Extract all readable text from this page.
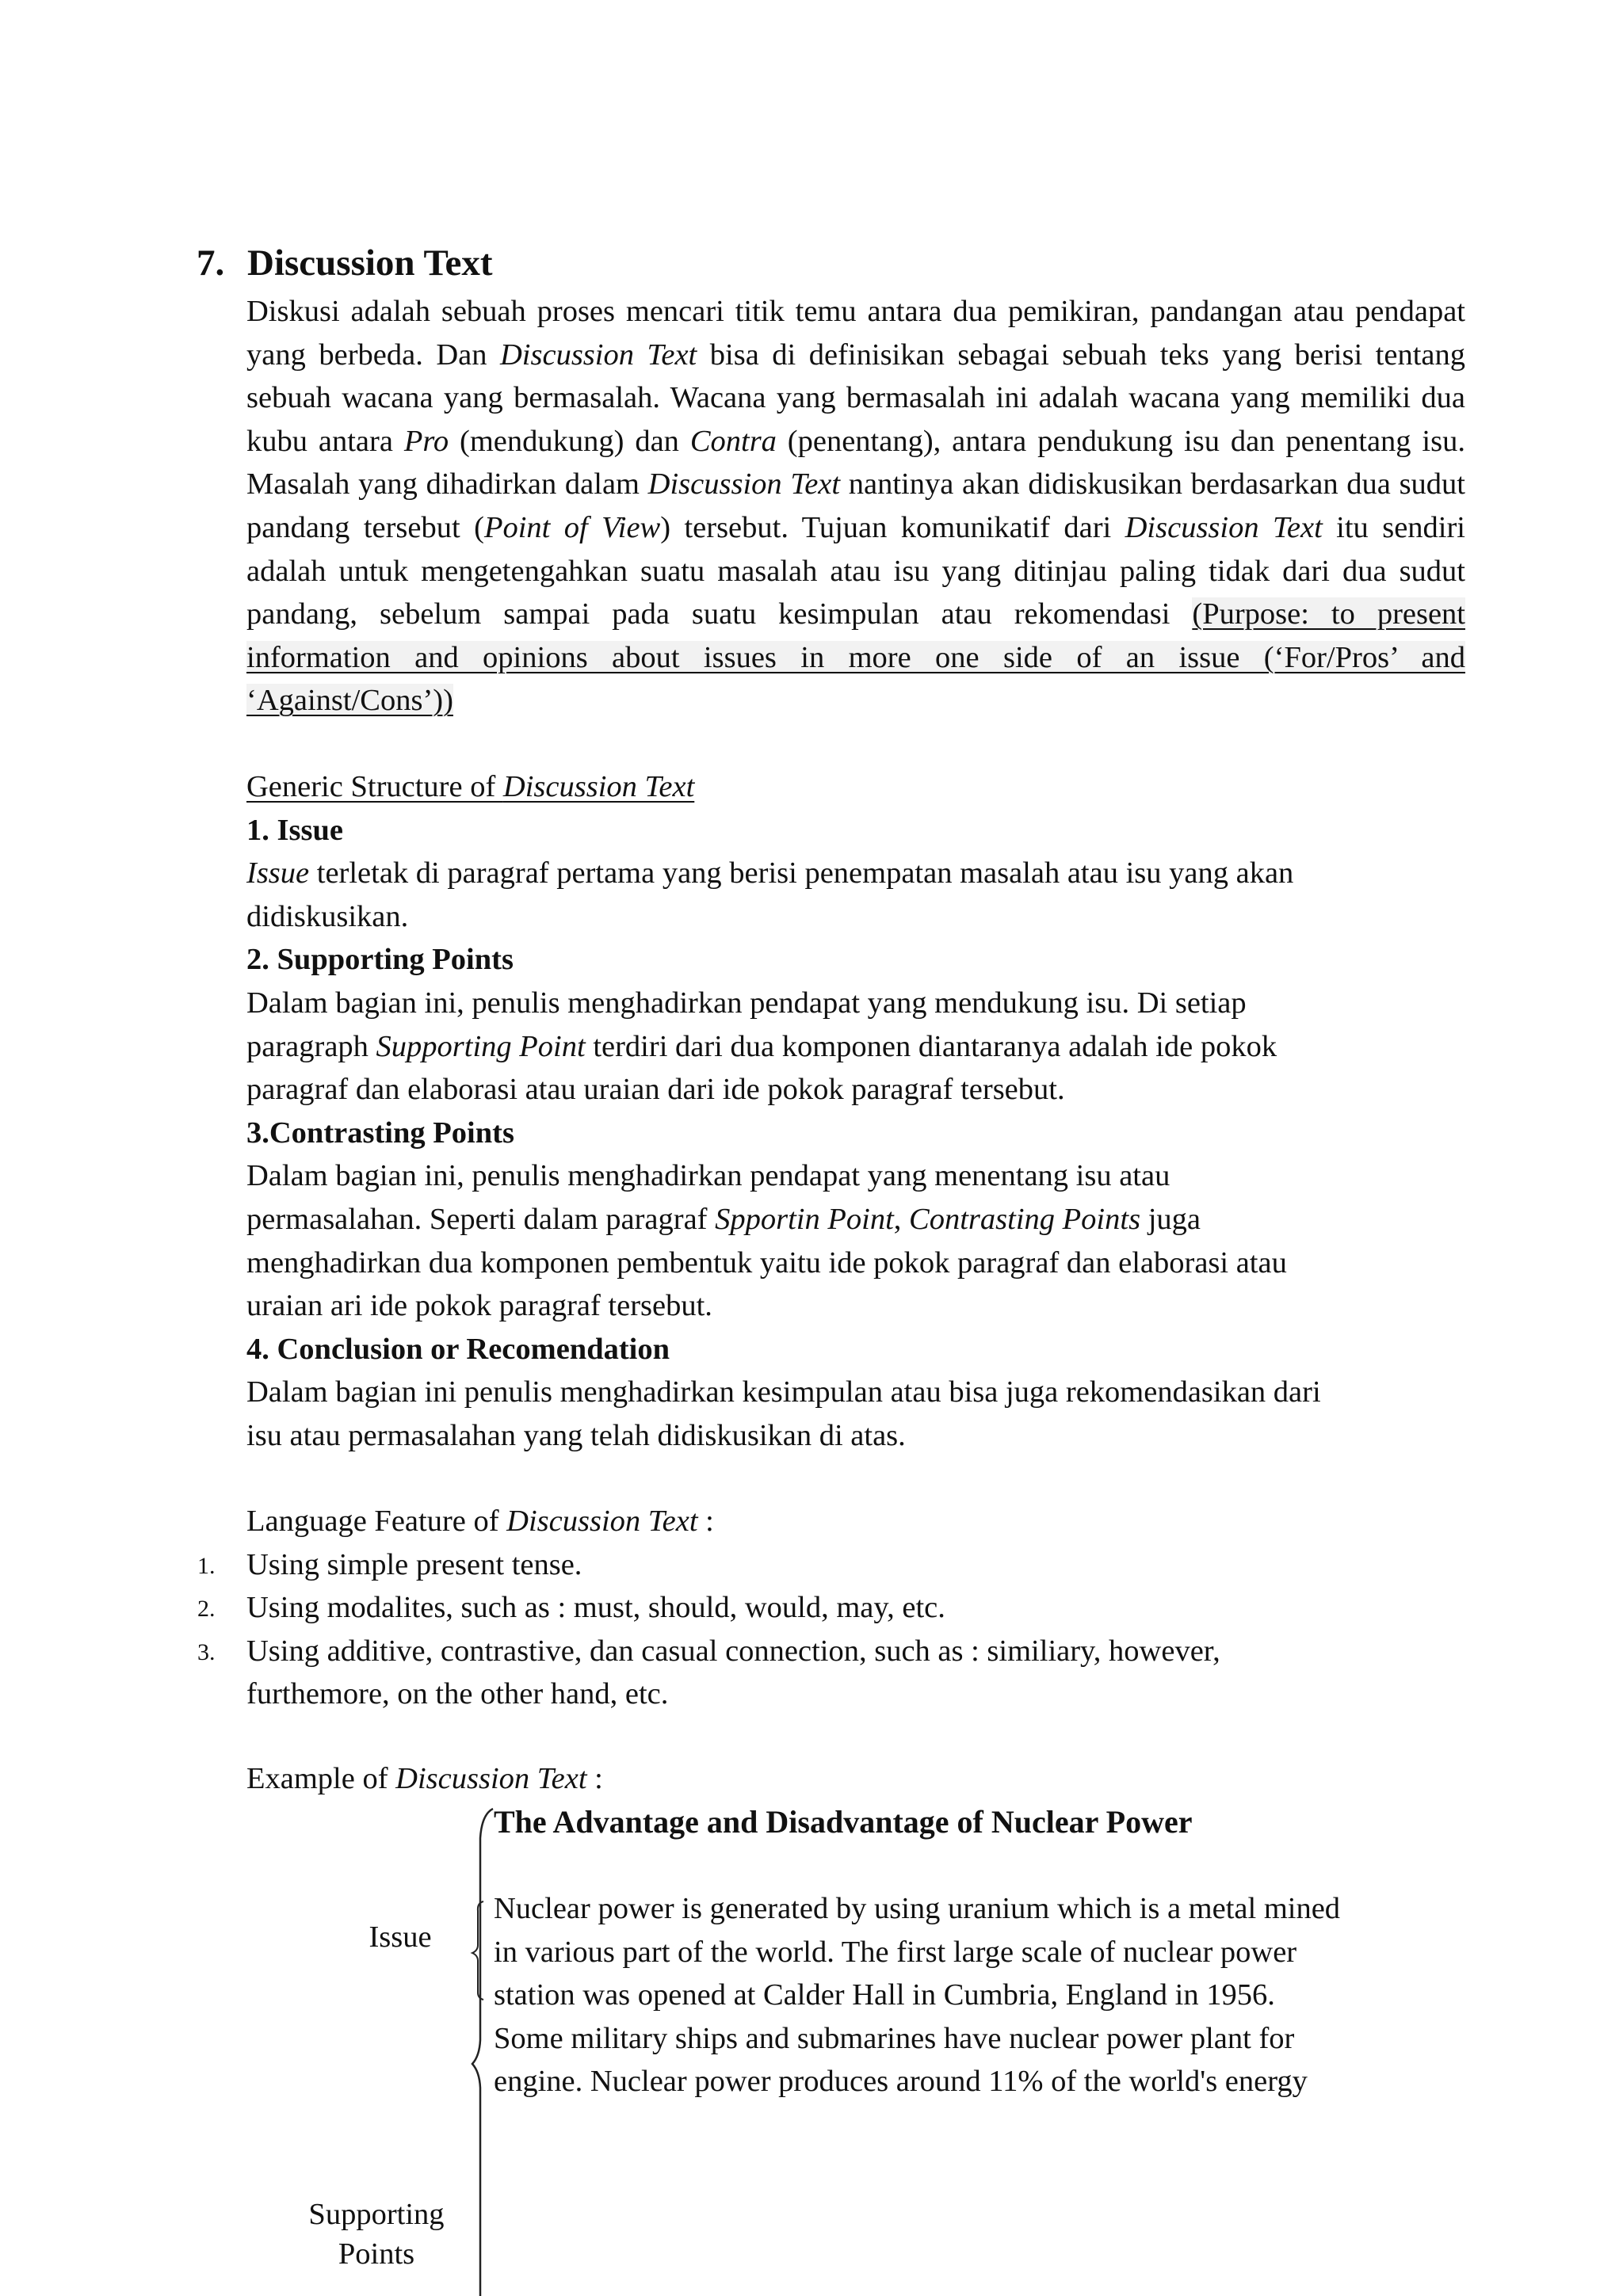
7. Discussion Text

Diskusi adalah sebuah proses mencari titik temu antara dua pemikiran, pandangan atau pendapat yang berbeda. Dan Discussion Text bisa di definisikan sebagai sebuah teks yang berisi tentang sebuah wacana yang bermasalah. Wacana yang bermasalah ini adalah wacana yang memiliki dua kubu antara Pro (mendukung) dan Contra (penentang), antara pendukung isu dan penentang isu. Masalah yang dihadirkan dalam Discussion Text nantinya akan didiskusikan berdasarkan dua sudut pandang tersebut (Point of View) tersebut. Tujuan komunikatif dari Discussion Text itu sendiri adalah untuk mengetengahkan suatu masalah atau isu yang ditinjau paling tidak dari dua sudut pandang, sebelum sampai pada suatu kesimpulan atau rekomendasi (Purpose: to present information and opinions about issues in more one side of an issue (‘For/Pros’ and ‘Against/Cons’))

Generic Structure of Discussion Text
1. Issue
Issue terletak di paragraf pertama yang berisi penempatan masalah atau isu yang akan
didiskusikan.
2. Supporting Points
Dalam bagian ini, penulis menghadirkan pendapat yang mendukung isu. Di setiap
paragraph Supporting Point terdiri dari dua komponen diantaranya adalah ide pokok
paragraf dan elaborasi atau uraian dari ide pokok paragraf tersebut.
3.Contrasting Points
Dalam bagian ini, penulis menghadirkan pendapat yang menentang isu atau
permasalahan. Seperti dalam paragraf Spportin Point, Contrasting Points juga
menghadirkan dua komponen pembentuk yaitu ide pokok paragraf dan elaborasi atau
uraian ari ide pokok paragraf tersebut.
4. Conclusion or Recomendation
Dalam bagian ini penulis menghadirkan kesimpulan atau bisa juga rekomendasikan dari
isu atau permasalahan yang telah didiskusikan di atas.
Language Feature of Discussion Text :
1. Using simple present tense.
2. Using modalites, such as : must, should, would, may, etc.
3. Using additive, contrastive, dan casual connection, such as : similiary, however,
furthemore, on the other hand, etc.
Example of Discussion Text :
The Advantage and Disadvantage of Nuclear Power
Nuclear power is generated by using uranium which is a metal mined
in various part of the world. The first large scale of nuclear power
station was opened at Calder Hall in Cumbria, England in 1956.
Some military ships and submarines have nuclear power plant for
engine. Nuclear power produces around 11% of the world's energy
Issue
Supporting
Points
